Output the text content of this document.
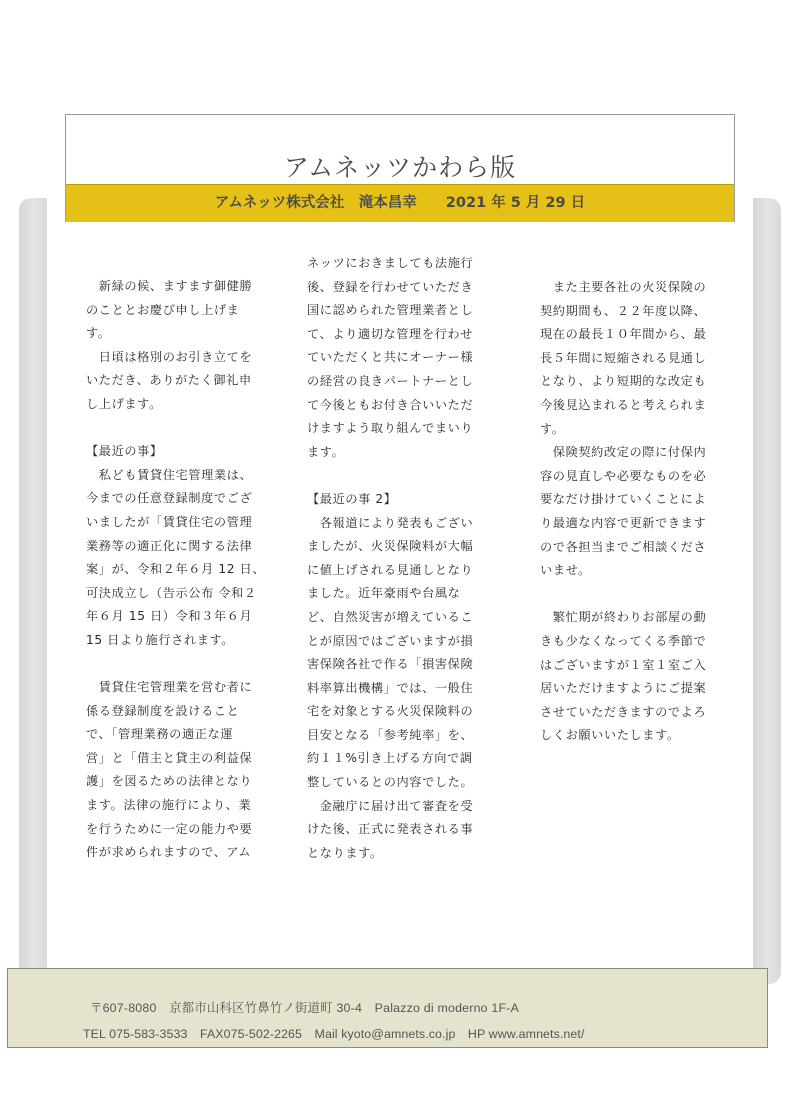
アムネッツかわら版
アムネッツ株式会社　滝本昌幸　　2021 年 5 月 29 日

　新緑の候、ますます御健勝

のこととお慶び申し上げま

す。

　日頃は格別のお引き立てを

いただき、ありがたく御礼申

し上げます。

【最近の事】

　私ども賃貸住宅管理業は、

今までの任意登録制度でござ

いましたが「賃貸住宅の管理

業務等の適正化に関する法律

案」が、令和２年６月 12 日、

可決成立し（告示公布 令和２

年６月 15 日）令和３年６月

15 日より施行されます。

　賃貸住宅管理業を営む者に

係る登録制度を設けること

で、「管理業務の適正な運

営」と「借主と貸主の利益保

護」を図るための法律となり

ます。法律の施行により、業

を行うために一定の能力や要

件が求められますので、アム

ネッツにおきましても法施行

後、登録を行わせていただき

国に認められた管理業者とし

て、より適切な管理を行わせ

ていただくと共にオーナー様

の経営の良きパートナーとし

て今後ともお付き合いいただ

けますよう取り組んでまいり

ます。

【最近の事 2】

　各報道により発表もござい

ましたが、火災保険料が大幅

に値上げされる見通しとなり

ました。近年豪雨や台風な

ど、自然災害が増えているこ

とが原因ではございますが損

害保険各社で作る「損害保険

料率算出機構」では、一般住

宅を対象とする火災保険料の

目安となる「参考純率」を、

約１１%引き上げる方向で調

整しているとの内容でした。

　金融庁に届け出て審査を受

けた後、正式に発表される事

となります。

　また主要各社の火災保険の

契約期間も、２２年度以降、

現在の最長１０年間から、最

長５年間に短縮される見通し

となり、より短期的な改定も

今後見込まれると考えられま

す。

　保険契約改定の際に付保内

容の見直しや必要なものを必

要なだけ掛けていくことによ

り最適な内容で更新できます

ので各担当までご相談くださ

いませ。

　繁忙期が終わりお部屋の動

きも少なくなってくる季節で

はございますが１室１室ご入

居いただけますようにご提案

させていただきますのでよろ

しくお願いいたします。

〒607-8080　京都市山科区竹鼻竹ノ街道町 30-4　Palazzo di moderno 1F-A
TEL 075-583-3533　FAX075-502-2265　Mail kyoto@amnets.co.jp　HP www.amnets.net/
